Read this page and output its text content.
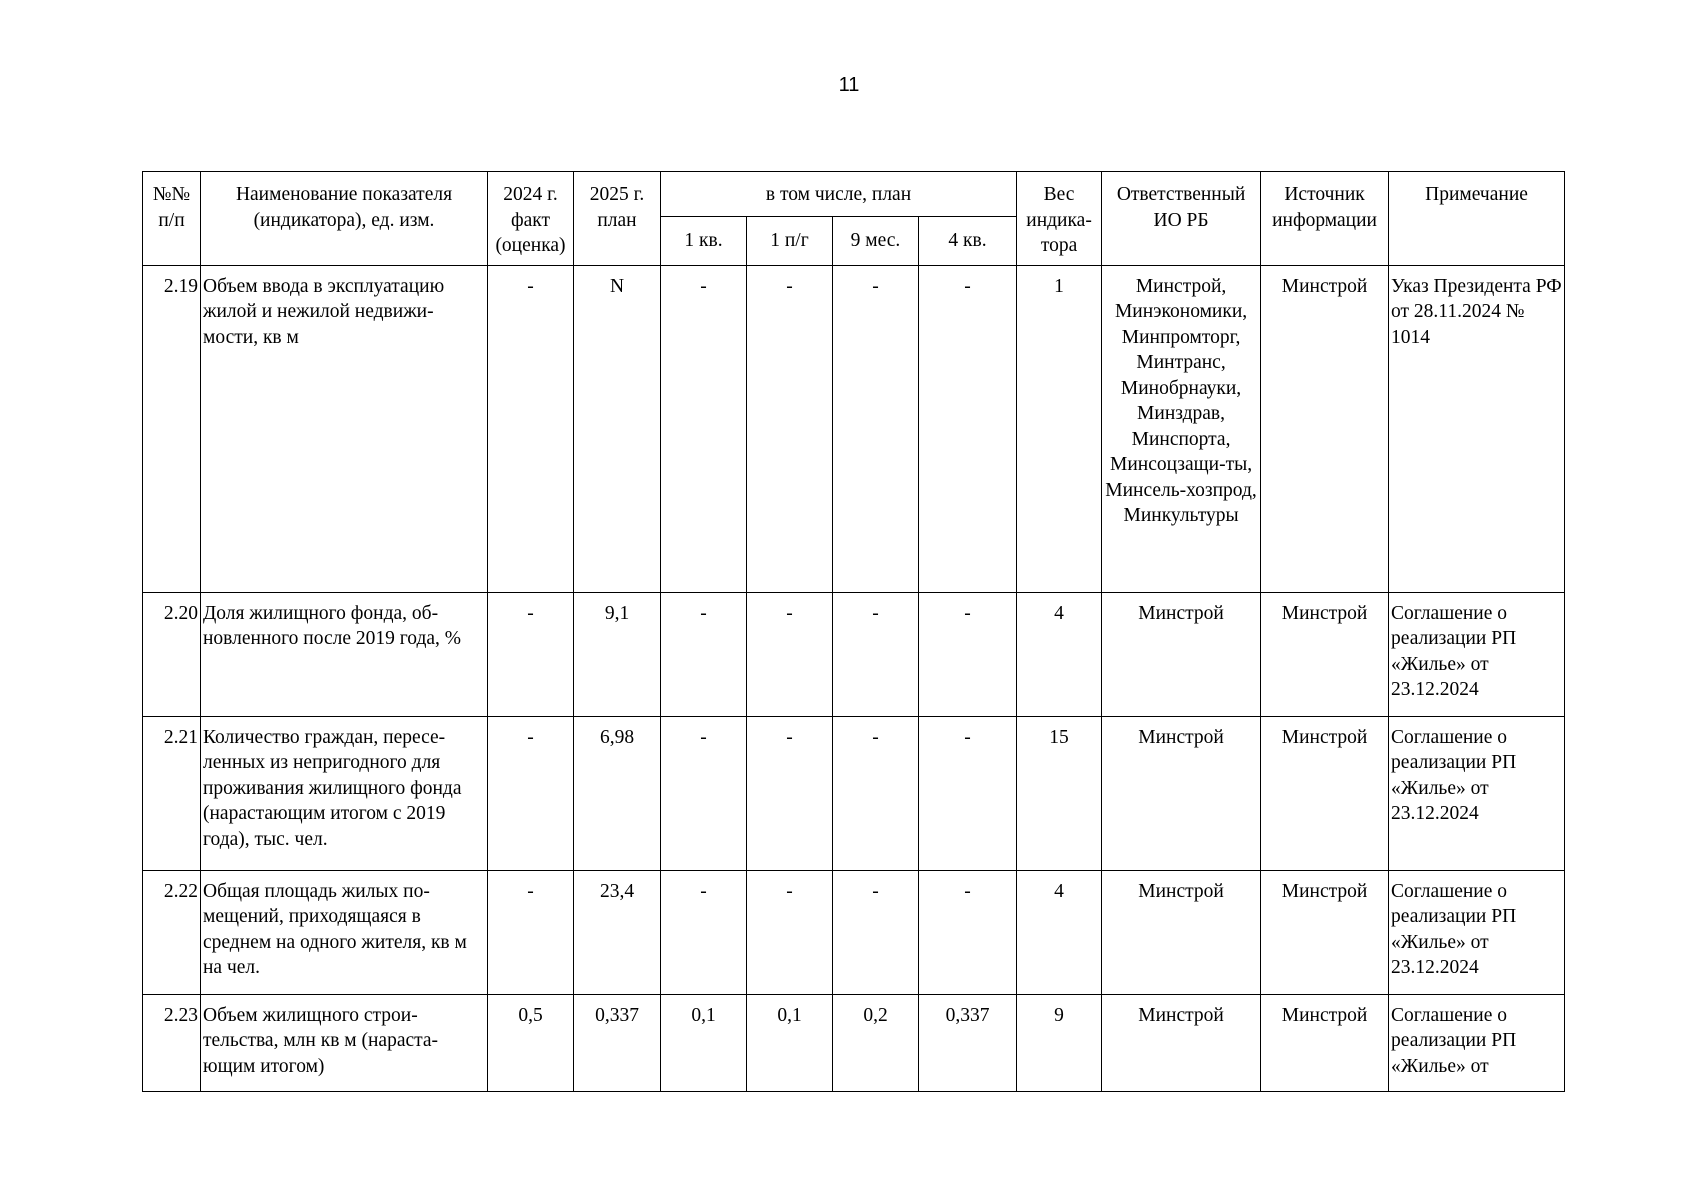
11
№№ п/п	Наименование показателя (индикатора), ед. изм.	2024 г. факт (оценка)	2025 г. план	в том числе, план				Вес индика-тора	Ответственный ИО РБ	Источник информации	Примечание
				1 кв.	1 п/г	9 мес.	4 кв.				
2.19	Объем ввода в эксплуатацию жилой и нежилой недвижи-мости, кв м	-	N	-	-	-	-	1	Минстрой, Минэкономики, Минпромторг, Минтранс, Минобрнауки, Минздрав, Минспорта, Минсоцзащи-ты, Минсель-хозпрод, Минкультуры	Минстрой	Указ Президента РФ от 28.11.2024 № 1014
2.20	Доля жилищного фонда, об-новленного после 2019 года, %	-	9,1	-	-	-	-	4	Минстрой	Минстрой	Соглашение о реализации РП «Жилье» от 23.12.2024
2.21	Количество граждан, пересе-ленных из непригодного для проживания жилищного фонда (нарастающим итогом с 2019 года), тыс. чел.	-	6,98	-	-	-	-	15	Минстрой	Минстрой	Соглашение о реализации РП «Жилье» от 23.12.2024
2.22	Общая площадь жилых по-мещений, приходящаяся в среднем на одного жителя, кв м на чел.	-	23,4	-	-	-	-	4	Минстрой	Минстрой	Соглашение о реализации РП «Жилье» от 23.12.2024
2.23	Объем жилищного строи-тельства, млн кв м (нараста-ющим итогом)	0,5	0,337	0,1	0,1	0,2	0,337	9	Минстрой	Минстрой	Соглашение о реализации РП «Жилье» от
